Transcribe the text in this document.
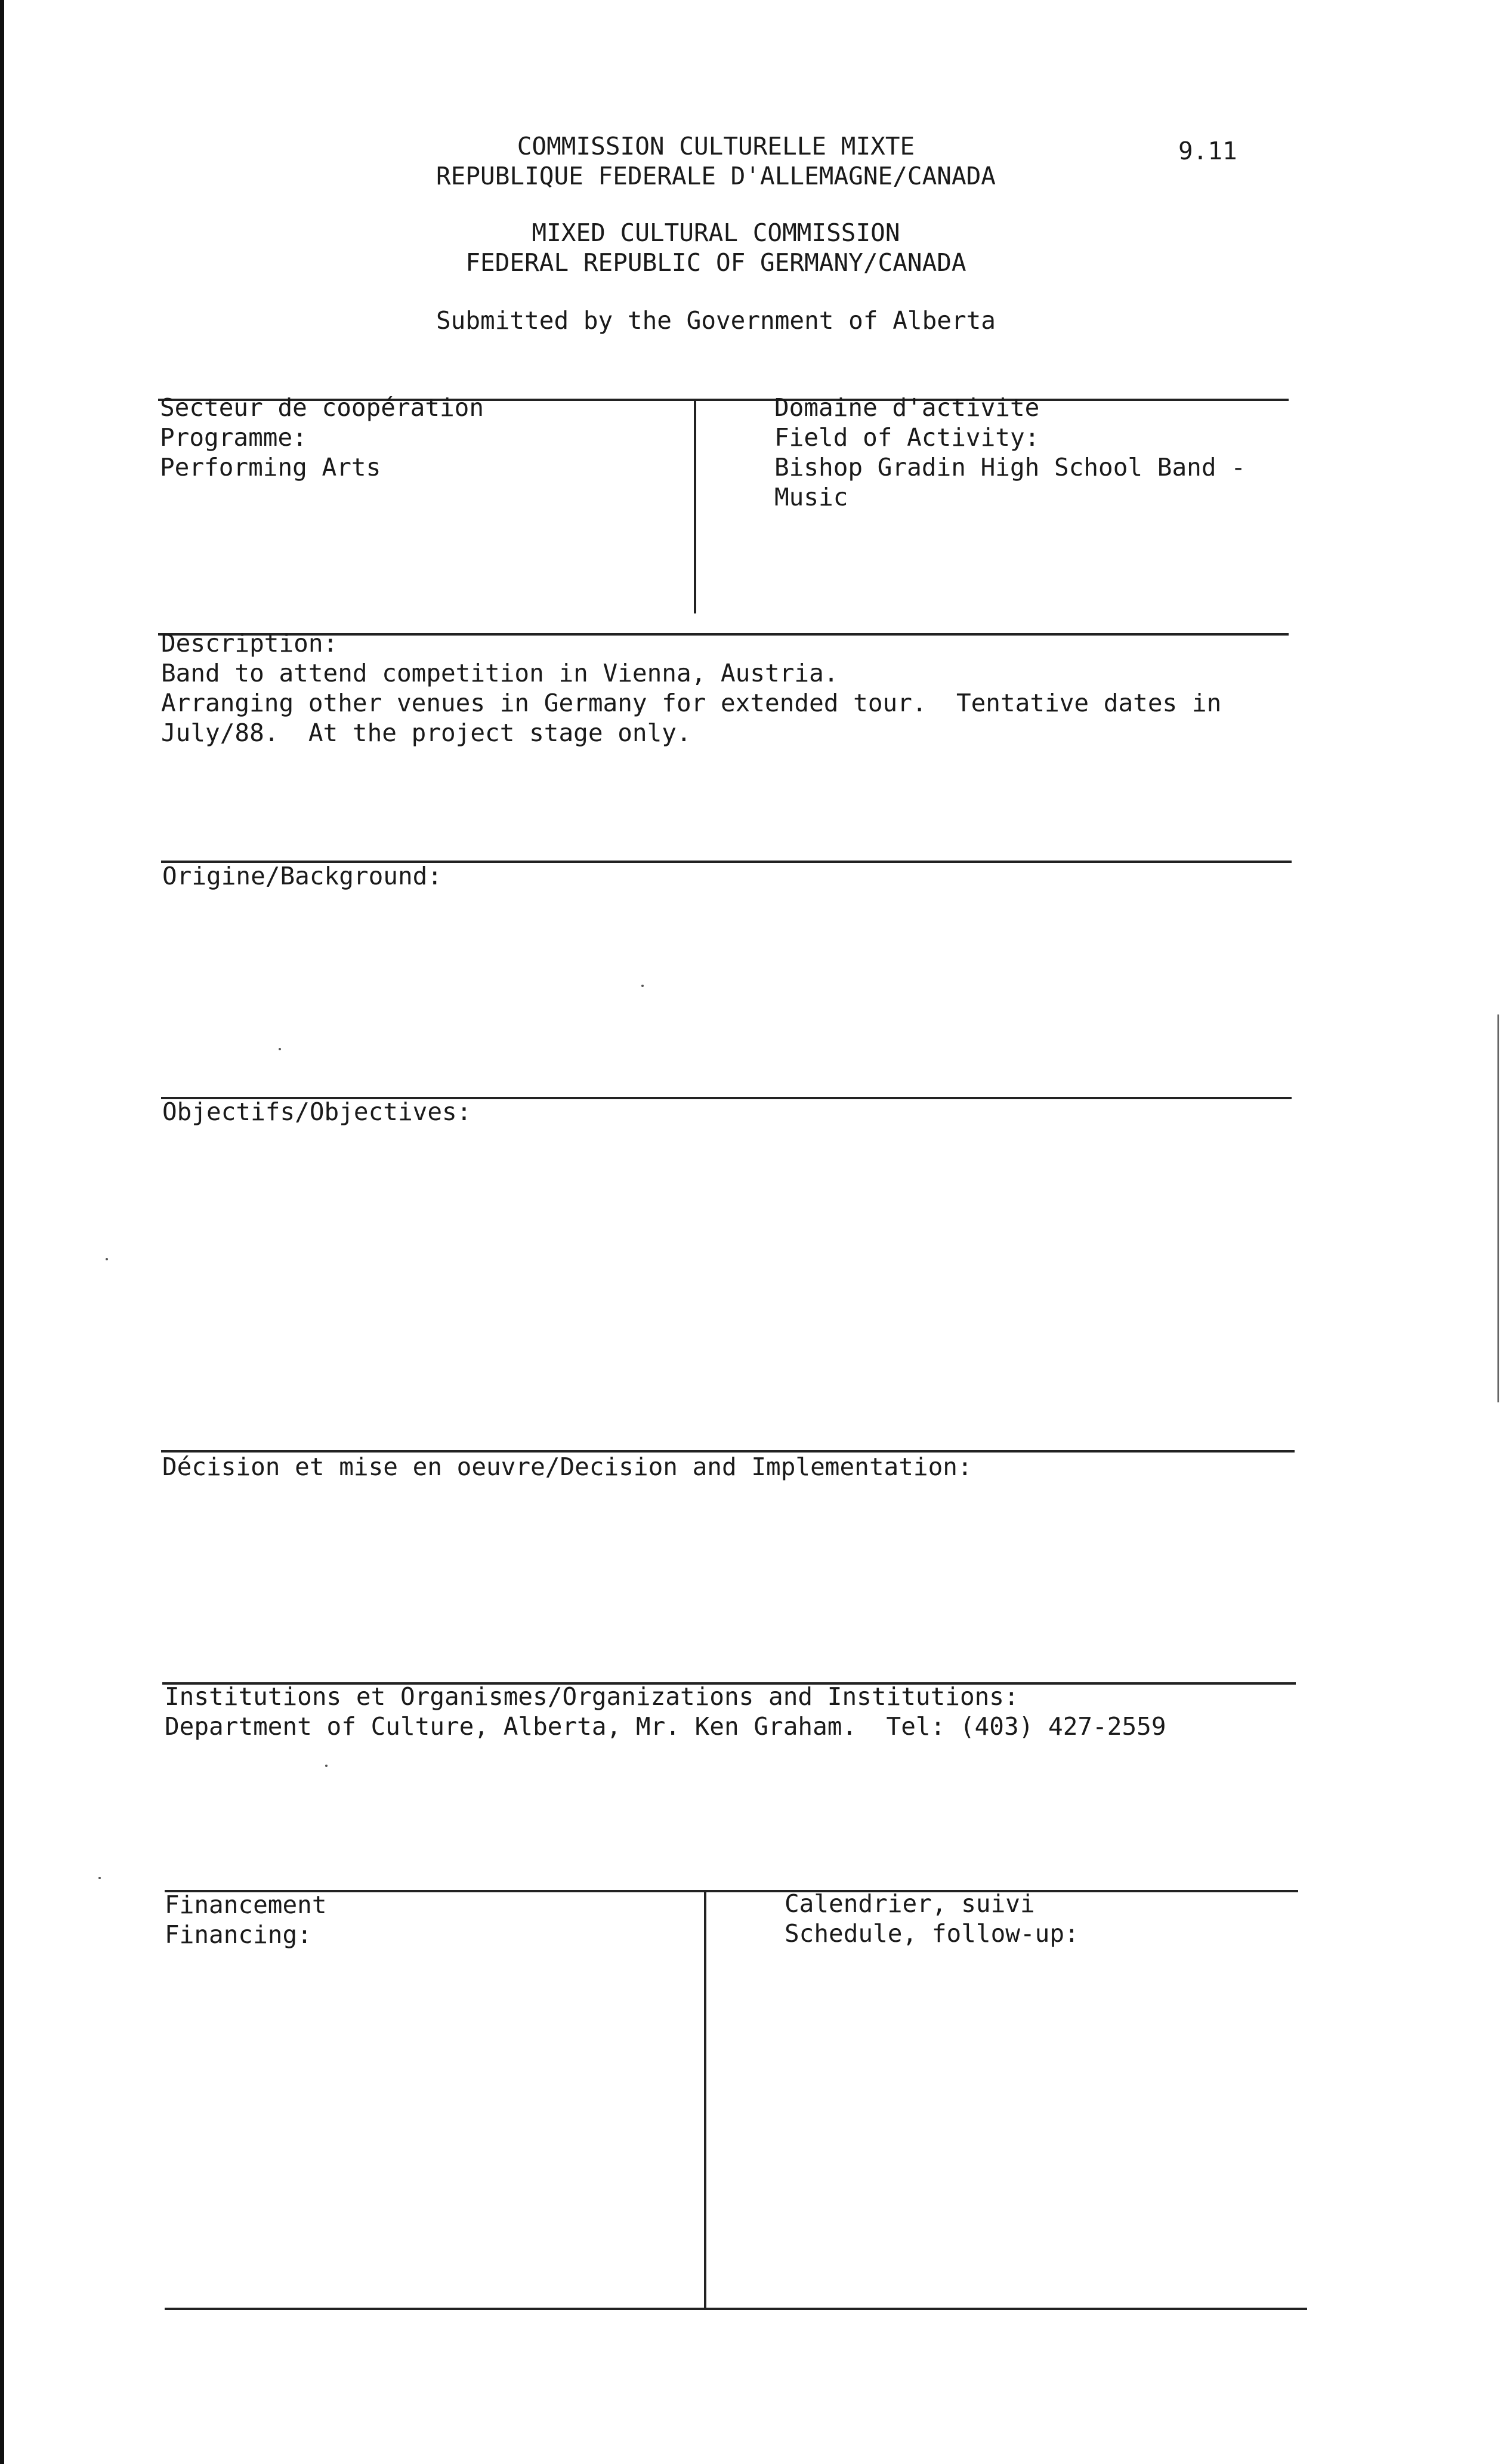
9.11
COMMISSION CULTURELLE MIXTE
REPUBLIQUE FEDERALE D'ALLEMAGNE/CANADA
MIXED CULTURAL COMMISSION
FEDERAL REPUBLIC OF GERMANY/CANADA
Submitted by the Government of Alberta
Secteur de coopération
Programme:
Performing Arts
Domaine d'activite
Field of Activity:
Bishop Gradin High School Band -
Music
Description:
Band to attend competition in Vienna, Austria.
Arranging other venues in Germany for extended tour.  Tentative dates in
July/88.  At the project stage only.
Origine/Background:
Objectifs/Objectives:
Décision et mise en oeuvre/Decision and Implementation:
Institutions et Organismes/Organizations and Institutions:
Department of Culture, Alberta, Mr. Ken Graham.  Tel: (403) 427-2559
Financement
Financing:
Calendrier, suivi
Schedule, follow-up:
